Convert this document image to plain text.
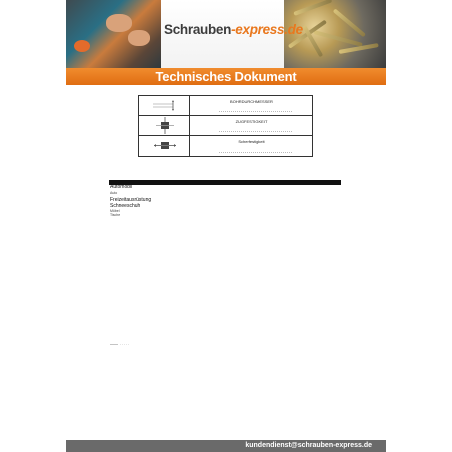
Schrauben-express.de
Technisches Dokument
BOHRDURCHMESSER
ZUGFESTIGKEIT
Scherfestigkeit
Automobil
Auto
Freizeitausrüstung
Schneeschuh
Möbel
Tische
kundendienst@schrauben-express.de
